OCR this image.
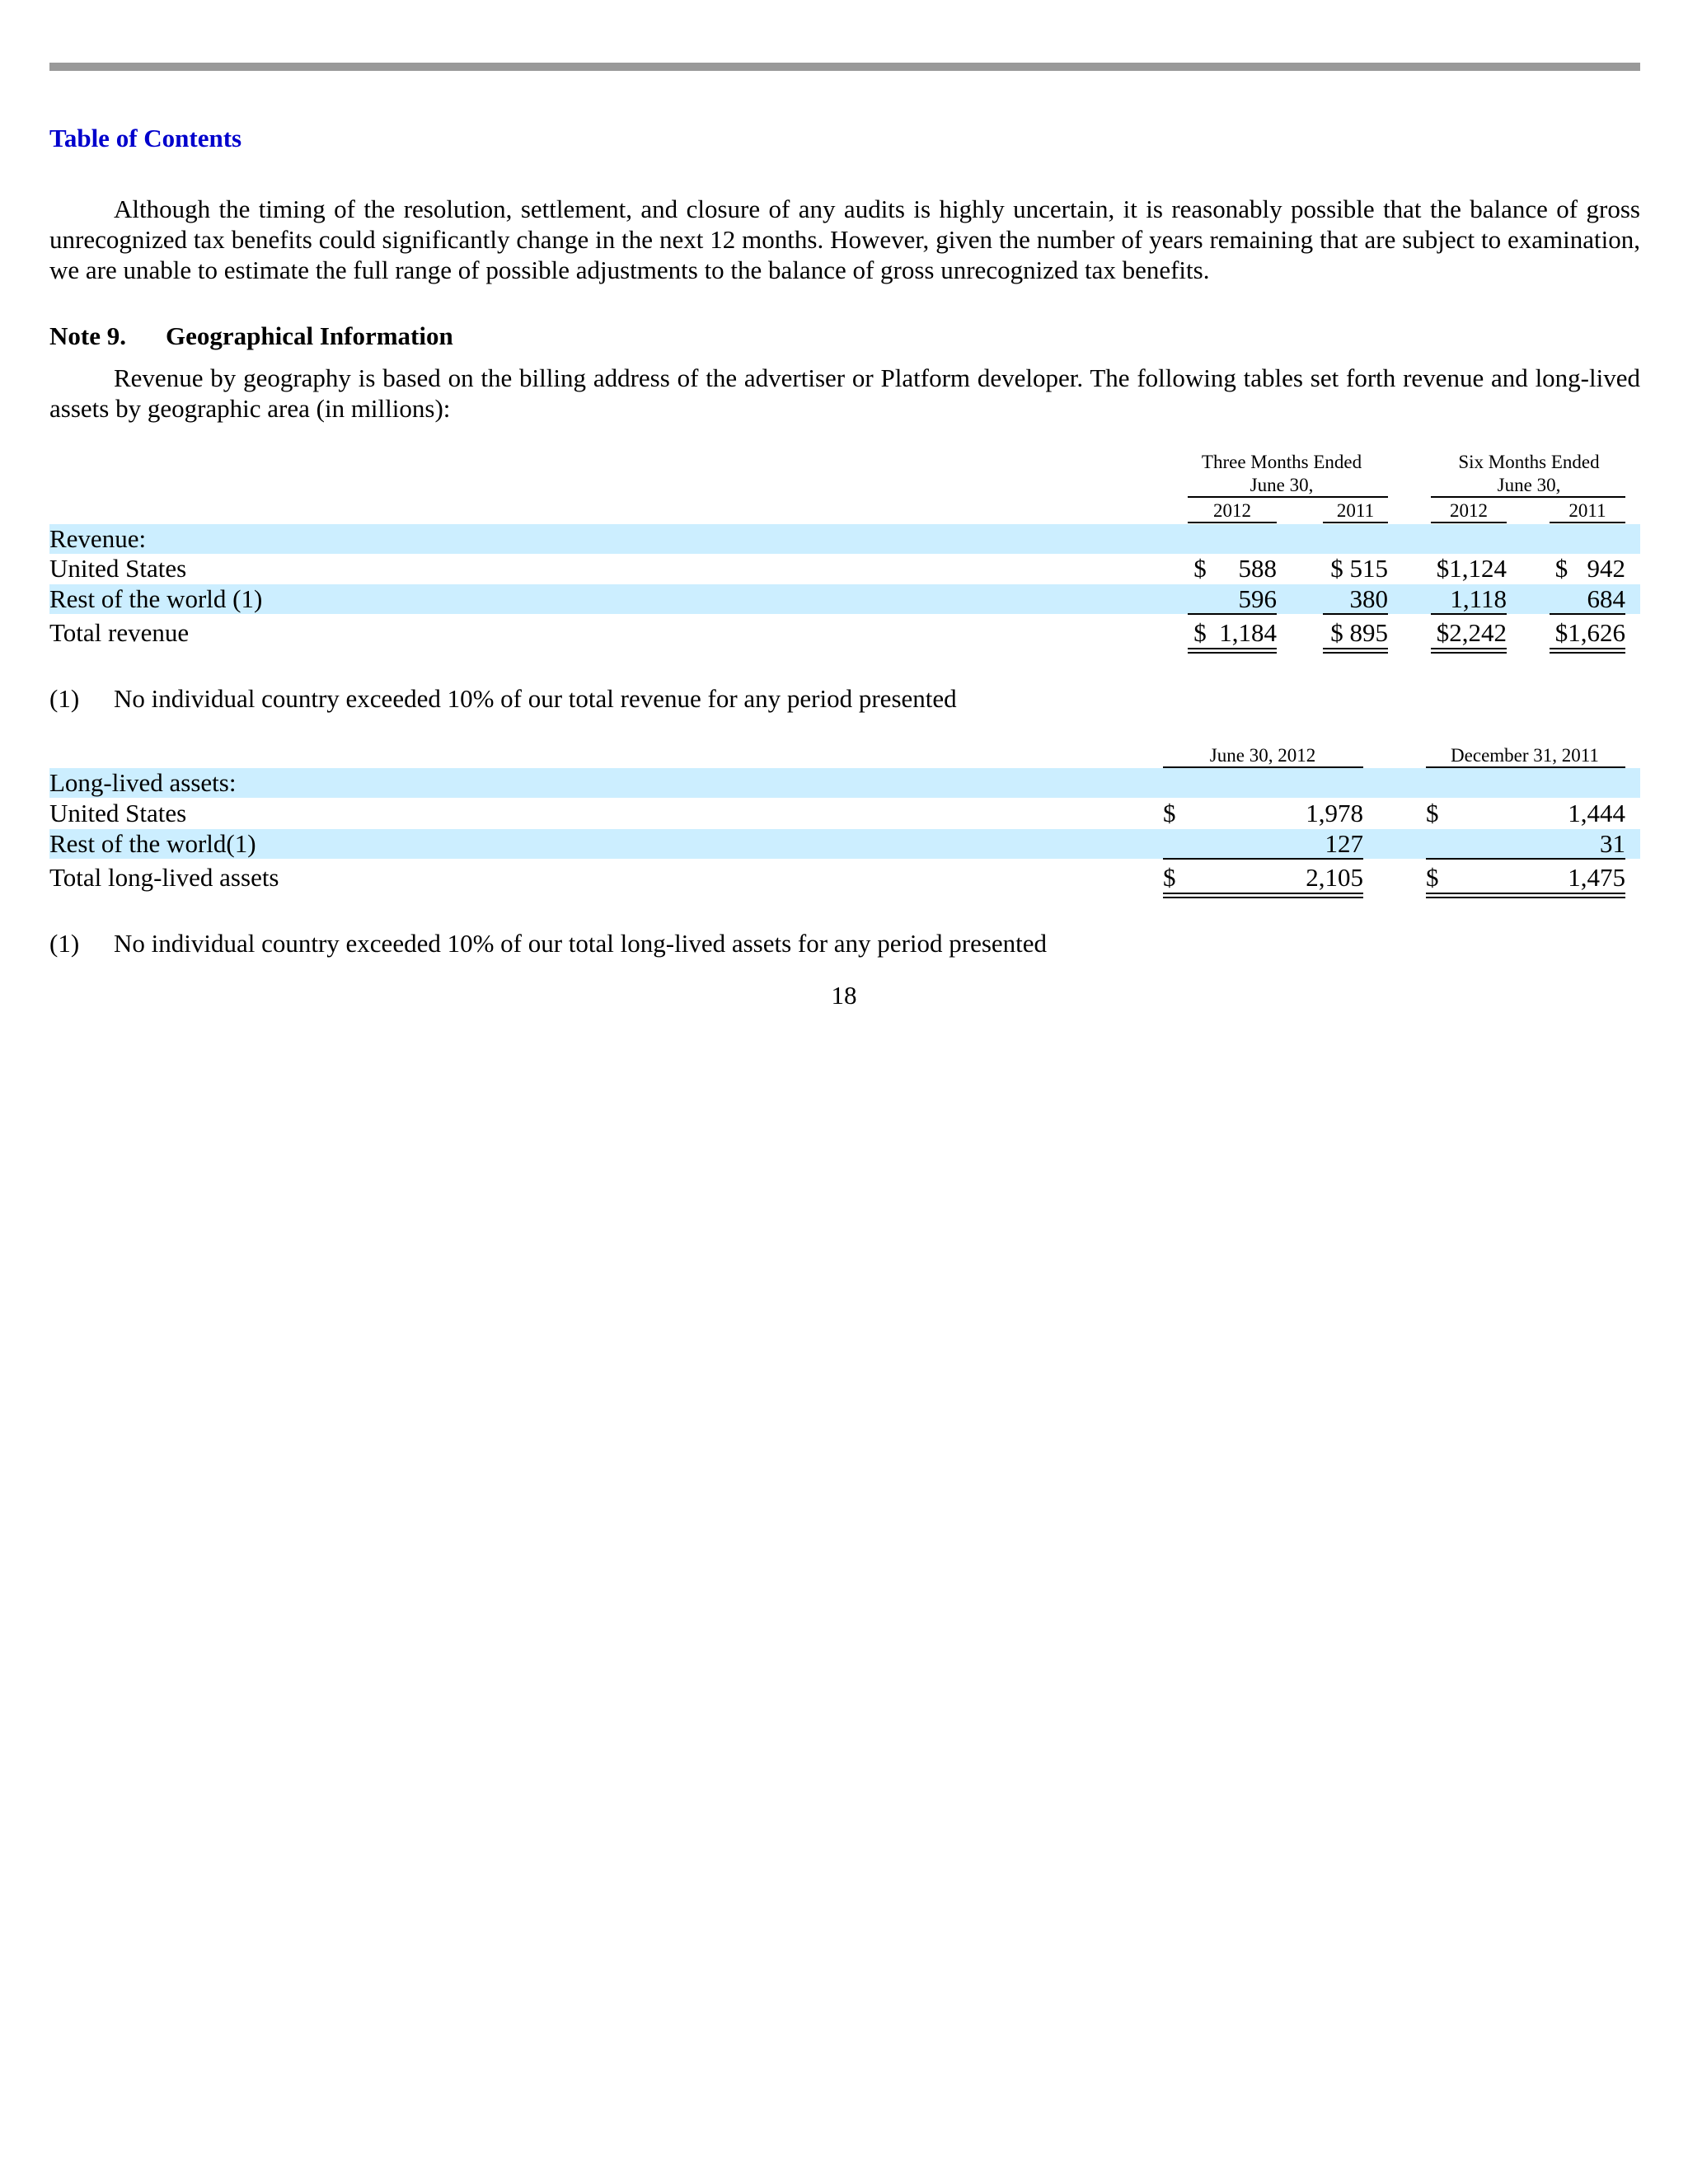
Table of Contents

Although the timing of the resolution, settlement, and closure of any audits is highly uncertain, it is reasonably possible that the balance of gross unrecognized tax benefits could significantly change in the next 12 months. However, given the number of years remaining that are subject to examination, we are unable to estimate the full range of possible adjustments to the balance of gross unrecognized tax benefits.

Note 9. Geographical Information

Revenue by geography is based on the billing address of the advertiser or Platform developer. The following tables set forth revenue and long-lived assets by geographic area (in millions):

Three Months Ended
June 30,
Six Months Ended
June 30,
2012	2011	2012	2011
Revenue:
United States	$     588 $ 515 $1,124 $   942
Rest of the world (1)	596	380	1,118	684
Total revenue	$  1,184 $ 895 $2,242 $1,626
(1) No individual country exceeded 10% of our total revenue for any period presented
June 30, 2012	December 31, 2011
Long-lived assets:
United States	$	1,978 $	1,444
Rest of the world(1)	127	31
Total long-lived assets	$	2,105 $	1,475
(1) No individual country exceeded 10% of our total long-lived assets for any period presented
18
